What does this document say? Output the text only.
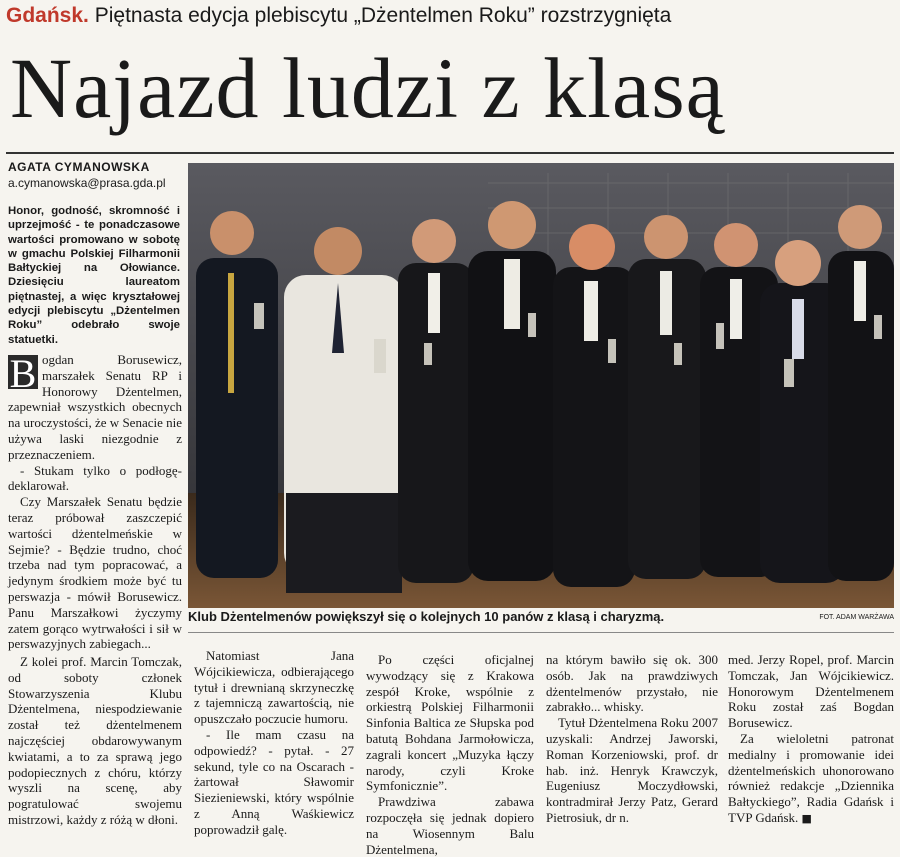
Gdańsk. Piętnasta edycja plebiscytu „Dżentelmen Roku” rozstrzygnięta
Najazd ludzi z klasą
AGATA CYMANOWSKA
a.cymanowska@prasa.gda.pl
Honor, godność, skromność i uprzejmość - te ponadczasowe wartości promowano w sobotę w gmachu Polskiej Filharmonii Bałtyckiej na Ołowiance. Dziesięciu laureatom piętnastej, a więc kryształowej edycji plebiscytu „Dżentelmen Roku” odebrało swoje statuetki.
B ogdan Borusewicz, marszałek Senatu RP i Honorowy Dżentelmen, zapewniał wszystkich obecnych na uroczystości, że w Senacie nie używa laski niezgodnie z przeznaczeniem.

- Stukam tylko o podłogę- deklarował.

Czy Marszałek Senatu będzie teraz próbował zaszczepić wartości dżentelmeńskie w Sejmie? - Będzie trudno, choć trzeba nad tym popracować, a jedynym środkiem może być tu perswazja - mówił Borusewicz. Panu Marszałkowi życzymy zatem gorąco wytrwałości i sił w perswazyjnych zabiegach...

Z kolei prof. Marcin Tomczak, od soboty członek Stowarzyszenia Klubu Dżentelmena, niespodziewanie został też dżentelmenem najczęściej obdarowywanym kwiatami, a to za sprawą jego podopiecznych z chóru, którzy wyszli na scenę, aby pogratulować swojemu mistrzowi, każdy z różą w dłoni.

Klub Dżentelmenów powiększył się o kolejnych 10 panów z klasą i charyzmą.	FOT. ADAM WARŻAWA

Natomiast Jana Wójcikiewicza, odbierającego tytuł i drewnianą skrzyneczkę z tajemniczą zawartością, nie opuszczało poczucie humoru.

- Ile mam czasu na odpowiedź? - pytał. - 27 sekund, tyle co na Oscarach - żartował Sławomir Siezieniewski, który wspólnie z Anną Waśkiewicz poprowadził galę.

Po części oficjalnej wywodzący się z Krakowa zespół Kroke, wspólnie z orkiestrą Polskiej Filharmonii Sinfonia Baltica ze Słupska pod batutą Bohdana Jarmołowicza, zagrali koncert „Muzyka łączy narody, czyli Kroke Symfonicznie”.

Prawdziwa zabawa rozpoczęła się jednak dopiero na Wiosennym Balu Dżentelmena,

na którym bawiło się ok. 300 osób. Jak na prawdziwych dżentelmenów przystało, nie zabrakło... whisky.

Tytuł Dżentelmena Roku 2007 uzyskali: Andrzej Jaworski, Roman Korzeniowski, prof. dr hab. inż. Henryk Krawczyk, Eugeniusz Moczydłowski, kontradmirał Jerzy Patz, Gerard Pietrosiuk, dr n.

med. Jerzy Ropel, prof. Marcin Tomczak, Jan Wójcikiewicz. Honorowym Dżentelmenem Roku został zaś Bogdan Borusewicz.

Za wieloletni patronat medialny i promowanie idei dżentelmeńskich uhonorowano również redakcje „Dziennika Bałtyckiego”, Radia Gdańsk i TVP Gdańsk. ■
